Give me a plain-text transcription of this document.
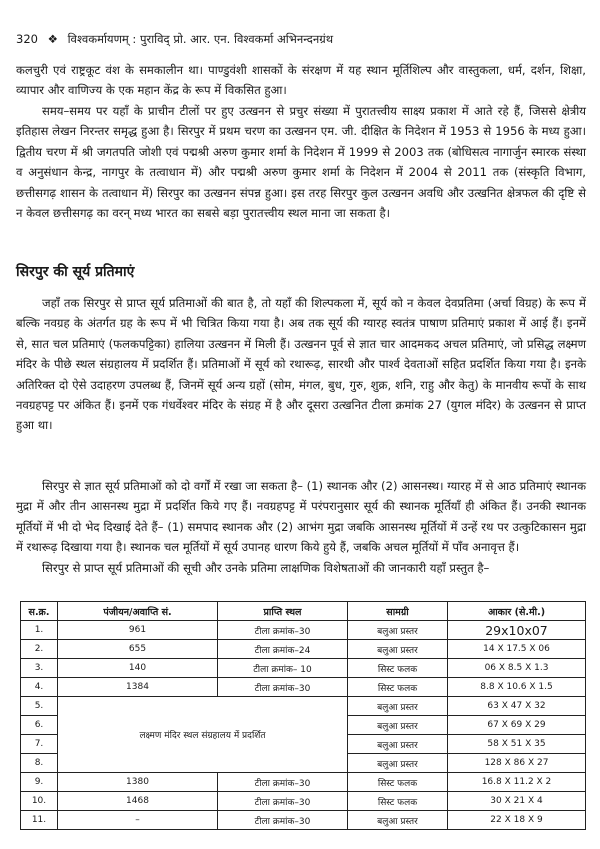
320 ❖ विश्वकर्मायणम् : पुराविद् प्रो. आर. एन. विश्वकर्मा अभिनन्दनग्रंथ

कलचुरी एवं राष्ट्रकूट वंश के समकालीन था। पाण्डुवंशी शासकों के संरक्षण में यह स्थान मूर्तिशिल्प और वास्तुकला, धर्म, दर्शन, शिक्षा, व्यापार और वाणिज्य के एक महान केंद्र के रूप में विकसित हुआ।

समय–समय पर यहाँ के प्राचीन टीलों पर हुए उत्खनन से प्रचुर संख्या में पुरातत्त्वीय साक्ष्य प्रकाश में आते रहे हैं, जिससे क्षेत्रीय इतिहास लेखन निरन्तर समृद्ध हुआ है। सिरपुर में प्रथम चरण का उत्खनन एम. जी. दीक्षित के निदेशन में 1953 से 1956 के मध्य हुआ। द्वितीय चरण में श्री जगतपति जोशी एवं पद्मश्री अरुण कुमार शर्मा के निदेशन में 1999 से 2003 तक (बोधिसत्व नागार्जुन स्मारक संस्था व अनुसंधान केन्द्र, नागपुर के तत्वाधान में) और पद्मश्री अरुण कुमार शर्मा के निदेशन में 2004 से 2011 तक (संस्कृति विभाग, छत्तीसगढ़ शासन के तत्वाधान में) सिरपुर का उत्खनन संपन्न हुआ। इस तरह सिरपुर कुल उत्खनन अवधि और उत्खनित क्षेत्रफल की दृष्टि से न केवल छत्तीसगढ़ का वरन् मध्य भारत का सबसे बड़ा पुरातत्त्वीय स्थल माना जा सकता है।

सिरपुर की सूर्य प्रतिमाएं

जहाँ तक सिरपुर से प्राप्त सूर्य प्रतिमाओं की बात है, तो यहाँ की शिल्पकला में, सूर्य को न केवल देवप्रतिमा (अर्चा विग्रह) के रूप में बल्कि नवग्रह के अंतर्गत ग्रह के रूप में भी चित्रित किया गया है। अब तक सूर्य की ग्यारह स्वतंत्र पाषाण प्रतिमाएं प्रकाश में आई हैं। इनमें से, सात चल प्रतिमाएं (फलकपट्टिका) हालिया उत्खनन में मिली हैं। उत्खनन पूर्व से ज्ञात चार आदमकद अचल प्रतिमाएं, जो प्रसिद्ध लक्ष्मण मंदिर के पीछे स्थल संग्रहालय में प्रदर्शित हैं। प्रतिमाओं में सूर्य को रथारूढ़, सारथी और पार्श्व देवताओं सहित प्रदर्शित किया गया है। इनके अतिरिक्त दो ऐसे उदाहरण उपलब्ध हैं, जिनमें सूर्य अन्य ग्रहों (सोम, मंगल, बुध, गुरु, शुक्र, शनि, राहु और केतु) के मानवीय रूपों के साथ नवग्रहपट्ट पर अंकित हैं। इनमें एक गंधर्वेश्वर मंदिर के संग्रह में है और दूसरा उत्खनित टीला क्रमांक 27 (युगल मंदिर) के उत्खनन से प्राप्त हुआ था।

सिरपुर से ज्ञात सूर्य प्रतिमाओं को दो वर्गों में रखा जा सकता है– (1) स्थानक और (2) आसनस्थ। ग्यारह में से आठ प्रतिमाएं स्थानक मुद्रा में और तीन आसनस्थ मुद्रा में प्रदर्शित किये गए हैं। नवग्रहपट्ट में परंपरानुसार सूर्य की स्थानक मूर्तियाँ ही अंकित हैं। उनकी स्थानक मूर्तियों में भी दो भेद दिखाई देते हैं– (1) समपाद स्थानक और (2) आभंग मुद्रा जबकि आसनस्थ मूर्तियों में उन्हें रथ पर उत्कुटिकासन मुद्रा में रथारूढ़ दिखाया गया है। स्थानक चल मूर्तियों में सूर्य उपानह धारण किये हुये हैं, जबकि अचल मूर्तियों में पाँव अनावृत्त हैं।

सिरपुर से प्राप्त सूर्य प्रतिमाओं की सूची और उनके प्रतिमा लाक्षणिक विशेषताओं की जानकारी यहाँ प्रस्तुत है–

स.क्र.	पंजीयन/अवाप्ति सं.	प्राप्ति स्थल	सामग्री	आकार (से.मी.)
1.	961	टीला क्रमांक–30	बलुआ प्रस्तर	29x10x07
2.	655	टीला क्रमांक–24	बलुआ प्रस्तर	14 X 17.5 X 06
3.	140	टीला क्रमांक– 10	सिस्ट फलक	06 X 8.5 X 1.3
4.	1384	टीला क्रमांक–30	सिस्ट फलक	8.8 X 10.6 X 1.5
5.	लक्ष्मण मंदिर स्थल संग्रहालय में प्रदर्शित		बलुआ प्रस्तर	63 X 47 X 32
6.			बलुआ प्रस्तर	67 X 69 X 29
7.			बलुआ प्रस्तर	58 X 51 X 35
8.			बलुआ प्रस्तर	128 X 86 X 27
9.	1380	टीला क्रमांक–30	सिस्ट फलक	16.8 X 11.2 X 2
10.	1468	टीला क्रमांक–30	सिस्ट फलक	30 X 21 X 4
11.	–	टीला क्रमांक–30	बलुआ प्रस्तर	22 X 18 X 9
